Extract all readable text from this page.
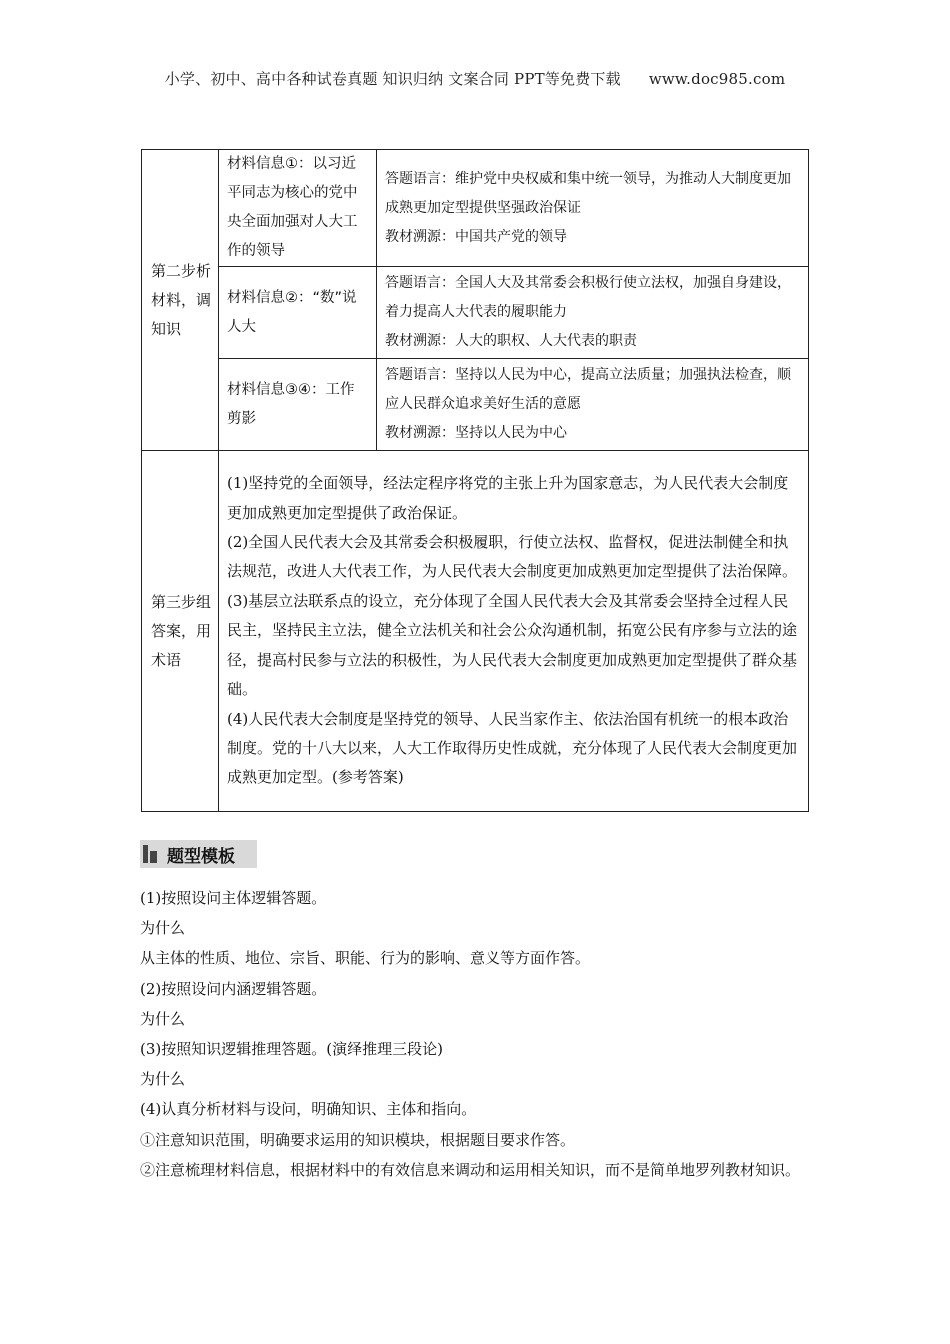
小学、初中、高中各种试卷真题 知识归纳 文案合同 PPT等免费下载 www.doc985.com
第二步析材料，调知识	材料信息①：以习近平同志为核心的党中央全面加强对人大工作的领导	答题语言：维护党中央权威和集中统一领导，为推动人大制度更加成熟更加定型提供坚强政治保证
教材溯源：中国共产党的领导

	材料信息②：“数”说人大	答题语言：全国人大及其常委会积极行使立法权，加强自身建设，着力提高人大代表的履职能力
教材溯源：人大的职权、人大代表的职责

	材料信息③④：工作剪影	答题语言：坚持以人民为中心，提高立法质量；加强执法检查，顺应人民群众追求美好生活的意愿
教材溯源：坚持以人民为中心

第三步组答案，用术语	(1)坚持党的全面领导，经法定程序将党的主张上升为国家意志，为人民代表大会制度更加成熟更加定型提供了政治保证。

(2)全国人民代表大会及其常委会积极履职，行使立法权、监督权，促进法制健全和执法规范，改进人大代表工作，为人民代表大会制度更加成熟更加定型提供了法治保障。

(3)基层立法联系点的设立，充分体现了全国人民代表大会及其常委会坚持全过程人民民主，坚持民主立法，健全立法机关和社会公众沟通机制，拓宽公民有序参与立法的途径，提高村民参与立法的积极性，为人民代表大会制度更加成熟更加定型提供了群众基础。

(4)人民代表大会制度是坚持党的领导、人民当家作主、依法治国有机统一的根本政治制度。党的十八大以来，人大工作取得历史性成就，充分体现了人民代表大会制度更加成熟更加定型。(参考答案)	

题型模板

(1)按照设问主体逻辑答题。

为什么

从主体的性质、地位、宗旨、职能、行为的影响、意义等方面作答。

(2)按照设问内涵逻辑答题。

为什么

(3)按照知识逻辑推理答题。(演绎推理三段论)

为什么

(4)认真分析材料与设问，明确知识、主体和指向。

①注意知识范围，明确要求运用的知识模块，根据题目要求作答。

②注意梳理材料信息，根据材料中的有效信息来调动和运用相关知识，而不是简单地罗列教材知识。
